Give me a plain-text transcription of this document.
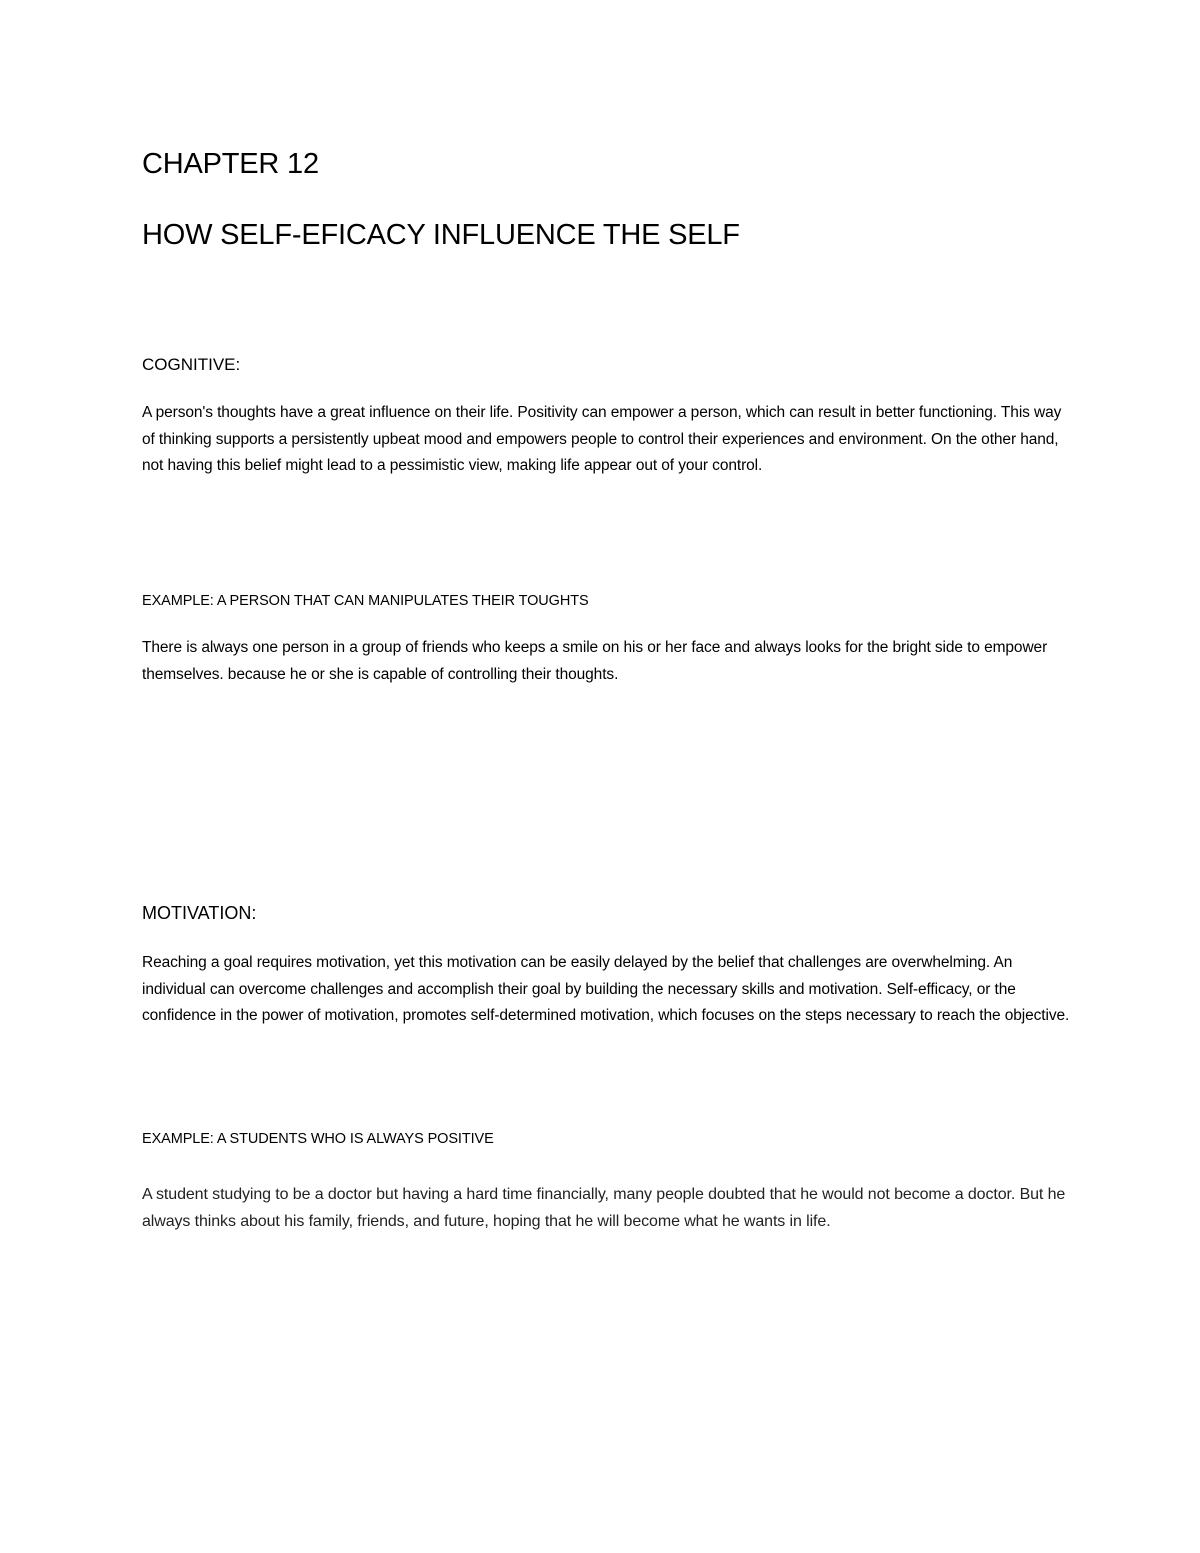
CHAPTER 12
HOW SELF-EFICACY INFLUENCE THE SELF
COGNITIVE:

A person's thoughts have a great influence on their life. Positivity can empower a person, which can result in better functioning. This way of thinking supports a persistently upbeat mood and empowers people to control their experiences and environment. On the other hand, not having this belief might lead to a pessimistic view, making life appear out of your control.

EXAMPLE: A PERSON THAT CAN MANIPULATES THEIR TOUGHTS

There is always one person in a group of friends who keeps a smile on his or her face and always looks for the bright side to empower themselves. because he or she is capable of controlling their thoughts.

MOTIVATION:

Reaching a goal requires motivation, yet this motivation can be easily delayed by the belief that challenges are overwhelming. An individual can overcome challenges and accomplish their goal by building the necessary skills and motivation. Self-efficacy, or the confidence in the power of motivation, promotes self-determined motivation, which focuses on the steps necessary to reach the objective.

EXAMPLE: A STUDENTS WHO IS ALWAYS POSITIVE

A student studying to be a doctor but having a hard time financially, many people doubted that he would not become a doctor. But he always thinks about his family, friends, and future, hoping that he will become what he wants in life.
